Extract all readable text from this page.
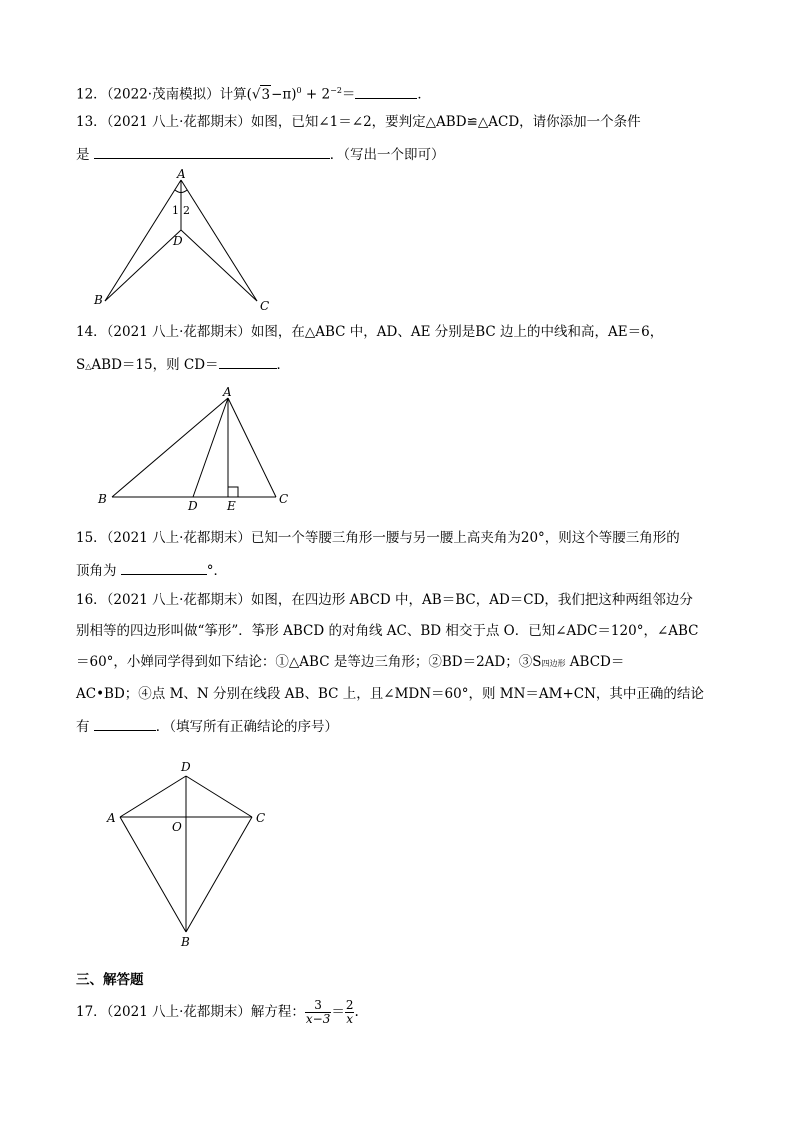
12．（2022·茂南模拟）计算$(√3-\pi)^0 + 2^{-2}=$	．
13．（2021 八上·花都期末）如图，已知∠1＝∠2，要判定△ABD≌△ACD，请你添加一个条件
是	．（写出一个即可）
A
B	C
D
1 2
14．（2021 八上·花都期末）如图，在△ABC 中，AD、AE 分别是BC 边上的中线和高，AE＝6，
S△ABD＝15，则 CD＝	．
A
B	C
D E
15．（2021 八上·花都期末）已知一个等腰三角形一腰与另一腰上高夹角为20°，则这个等腰三角形的
顶角为	°．
16．（2021 八上·花都期末）如图，在四边形 ABCD 中，AB＝BC，AD＝CD，我们把这种两组邻边分
别相等的四边形叫做“筝形”．筝形 ABCD 的对角线 AC、BD 相交于点 O．已知∠ADC＝120°，∠ABC
＝60°，小婵同学得到如下结论：①△ABC 是等边三角形；②BD＝2AD；③S四边形 ABCD＝
AC•BD；④点 M、N 分别在线段 AB、BC 上，且∠MDN＝60°，则 MN＝AM+CN，其中正确的结论
有	．（填写所有正确结论的序号）
D
A	C
O
B
三、解答题
17．（2021 八上·花都期末）解方程： $\frac{3}{x-3} = \frac{2}{x}$ .
